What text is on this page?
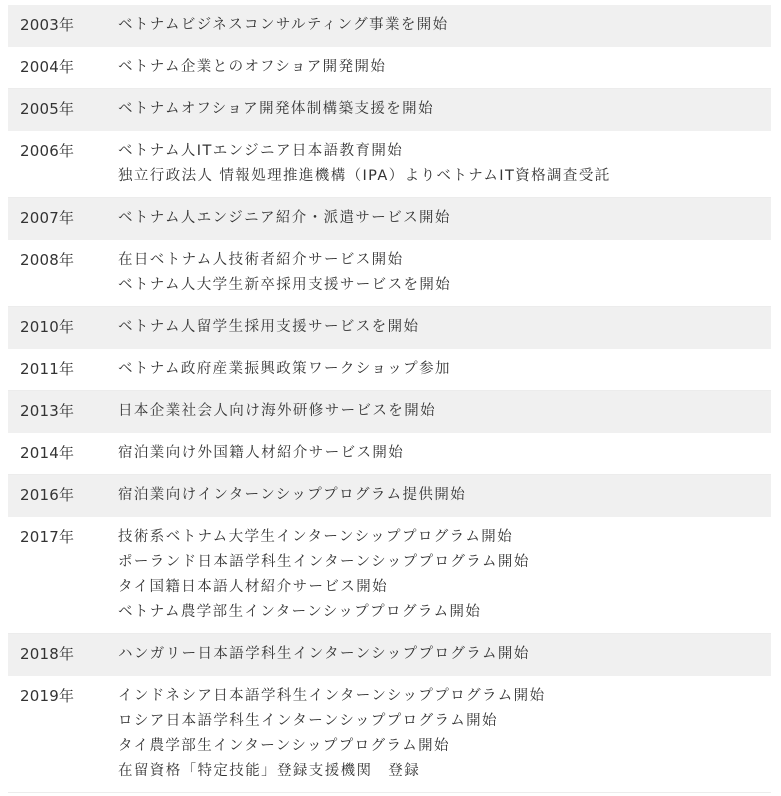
2003年	ベトナムビジネスコンサルティング事業を開始
2004年	ベトナム企業とのオフショア開発開始
2005年	ベトナムオフショア開発体制構築支援を開始
2006年	ベトナム人ITエンジニア日本語教育開始
独立行政法人 情報処理推進機構（IPA）よりベトナムIT資格調査受託
2007年	ベトナム人エンジニア紹介・派遣サービス開始
2008年	在日ベトナム人技術者紹介サービス開始
ベトナム人大学生新卒採用支援サービスを開始
2010年	ベトナム人留学生採用支援サービスを開始
2011年	ベトナム政府産業振興政策ワークショップ参加
2013年	日本企業社会人向け海外研修サービスを開始
2014年	宿泊業向け外国籍人材紹介サービス開始
2016年	宿泊業向けインターンシッププログラム提供開始
2017年	技術系ベトナム大学生インターンシッププログラム開始
ポーランド日本語学科生インターンシッププログラム開始
タイ国籍日本語人材紹介サービス開始
ベトナム農学部生インターンシッププログラム開始
2018年	ハンガリー日本語学科生インターンシッププログラム開始
2019年	インドネシア日本語学科生インターンシッププログラム開始
ロシア日本語学科生インターンシッププログラム開始
タイ農学部生インターンシッププログラム開始
在留資格「特定技能」登録支援機関　登録
